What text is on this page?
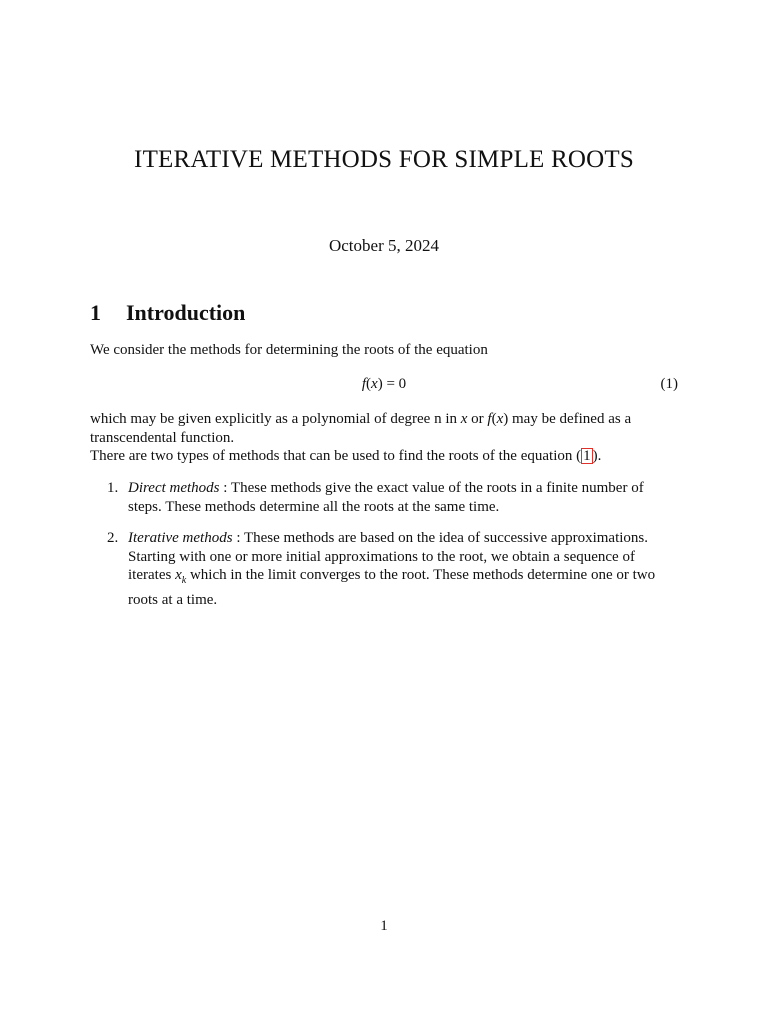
ITERATIVE METHODS FOR SIMPLE ROOTS
October 5, 2024
1 Introduction
We consider the methods for determining the roots of the equation
f(x) = 0	(1)
which may be given explicitly as a polynomial of degree n in x or f(x) may be defined as a transcendental function.
There are two types of methods that can be used to find the roots of the equation ( 1 ).
1. Direct methods : These methods give the exact value of the roots in a finite number of steps. These methods determine all the roots at the same time.
2. Iterative methods : These methods are based on the idea of successive approximations. Starting with one or more initial approximations to the root, we obtain a sequence of iterates $x_k$ which in the limit converges to the root. These methods determine one or two roots at a time.
1
